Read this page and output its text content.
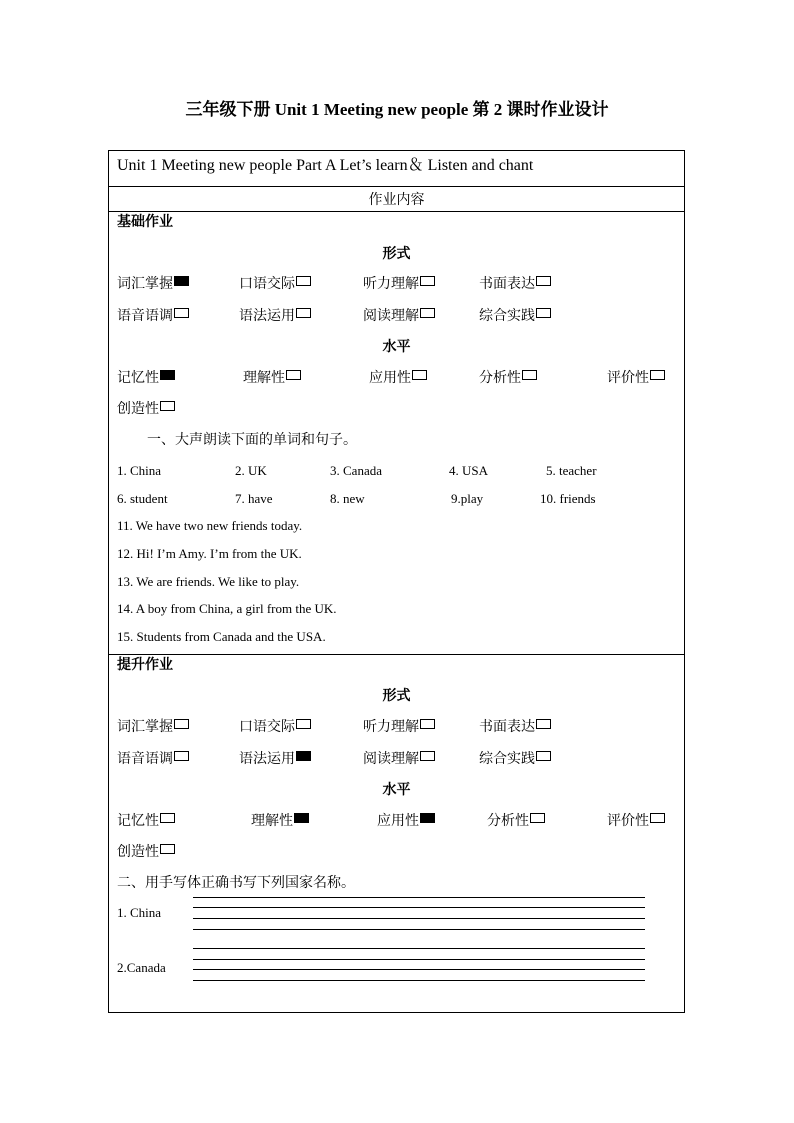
三年级下册 Unit 1 Meeting new people 第 2 课时作业设计
Unit 1 Meeting new people Part A Let’s learn＆ Listen and chant
作业内容
基础作业
形式
词汇掌握	口语交际	听力理解	书面表达
语音语调	语法运用	阅读理解	综合实践
水平
记忆性	理解性	应用性	分析性	评价性
创造性
一、大声朗读下面的单词和句子。
1. China	2. UK	3. Canada	4. USA	5. teacher
6. student	7. have	8. new	9.play	10. friends
11. We have two new friends today.
12. Hi! I’m Amy. I’m from the UK.
13. We are friends. We like to play.
14. A boy from China, a girl from the UK.
15. Students from Canada and the USA.
提升作业
形式
词汇掌握	口语交际	听力理解	书面表达
语音语调	语法运用	阅读理解	综合实践
水平
记忆性	理解性	应用性	分析性	评价性
创造性
二、用手写体正确书写下列国家名称。
1. China
2.Canada
